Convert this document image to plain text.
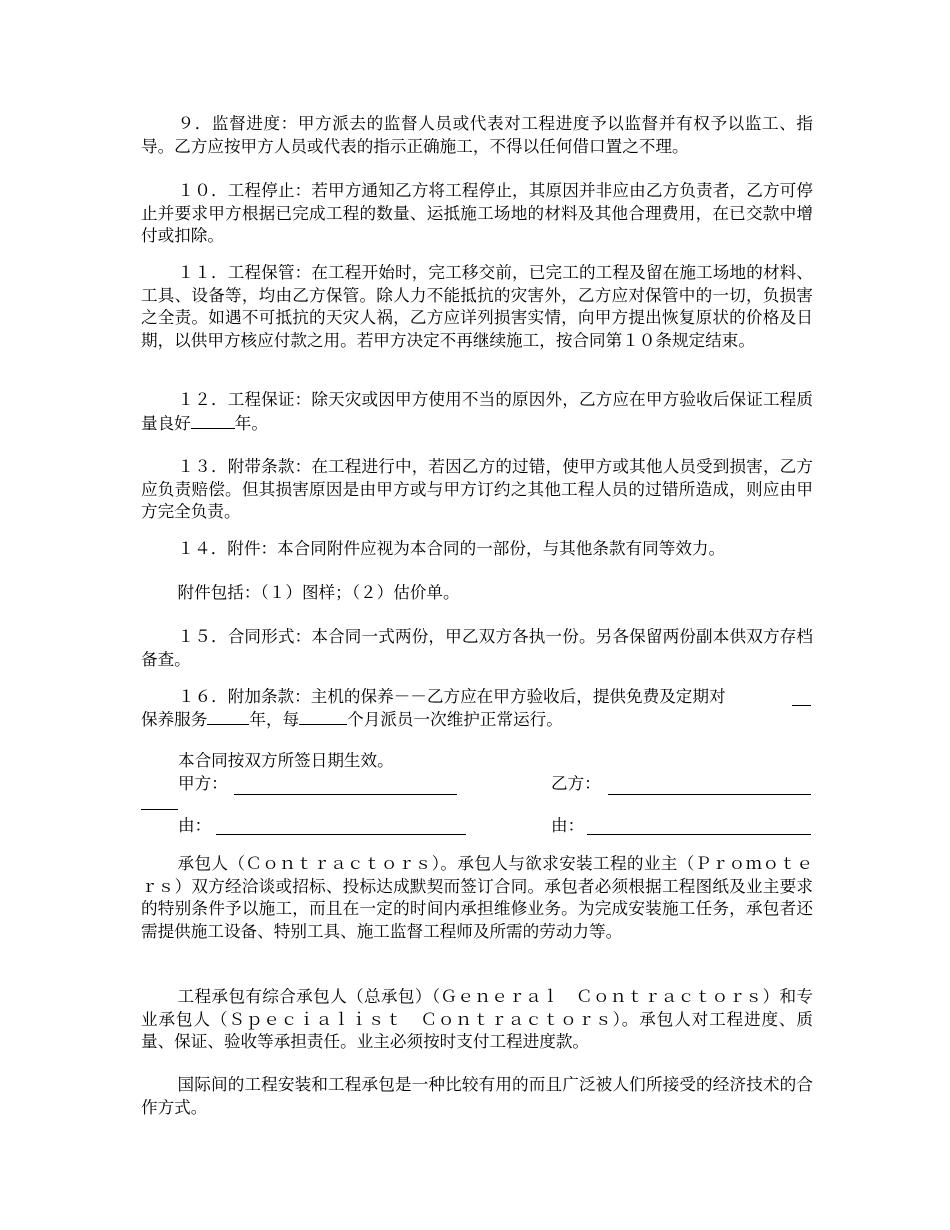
９．监督进度：甲方派去的监督人员或代表对工程进度予以监督并有权予以监工、指导。乙方应按甲方人员或代表的指示正确施工，不得以任何借口置之不理。

１０．工程停止：若甲方通知乙方将工程停止，其原因并非应由乙方负责者，乙方可停止并要求甲方根据已完成工程的数量、运抵施工场地的材料及其他合理费用，在已交款中增付或扣除。

１１．工程保管：在工程开始时，完工移交前，已完工的工程及留在施工场地的材料、工具、设备等，均由乙方保管。除人力不能抵抗的灾害外，乙方应对保管中的一切，负损害之全责。如遇不可抵抗的天灾人祸，乙方应详列损害实情，向甲方提出恢复原状的价格及日期，以供甲方核应付款之用。若甲方决定不再继续施工，按合同第１０条规定结束。

１２．工程保证：除天灾或因甲方使用不当的原因外，乙方应在甲方验收后保证工程质量良好	年。

１３．附带条款：在工程进行中，若因乙方的过错，使甲方或其他人员受到损害，乙方应负责赔偿。但其损害原因是由甲方或与甲方订约之其他工程人员的过错所造成，则应由甲方完全负责。

１４．附件：本合同附件应视为本合同的一部份，与其他条款有同等效力。

附件包括：（１）图样；（２）估价单。

１５．合同形式：本合同一式两份，甲乙双方各执一份。另各保留两份副本供双方存档备查。

１６．附加条款：主机的保养－－乙方应在甲方验收后，提供免费及定期对
保养服务	年，每	个月派员一次维护正常运行。
本合同按双方所签日期生效。
甲方：	乙方：
由：	由：

承包人（Ｃｏｎｔｒａｃｔｏｒｓ）。承包人与欲求安装工程的业主（Ｐｒｏｍｏｔｅｒｓ）双方经洽谈或招标、投标达成默契而签订合同。承包者必须根据工程图纸及业主要求的特别条件予以施工，而且在一定的时间内承担维修业务。为完成安装施工任务，承包者还需提供施工设备、特别工具、施工监督工程师及所需的劳动力等。

工程承包有综合承包人（总承包）（Ｇｅｎｅｒａｌ　Ｃｏｎｔｒａｃｔｏｒｓ）和专业承包人（Ｓｐｅｃｉａｌｉｓｔ　Ｃｏｎｔｒａｃｔｏｒｓ）。承包人对工程进度、质量、保证、验收等承担责任。业主必须按时支付工程进度款。

国际间的工程安装和工程承包是一种比较有用的而且广泛被人们所接受的经济技术的合作方式。
